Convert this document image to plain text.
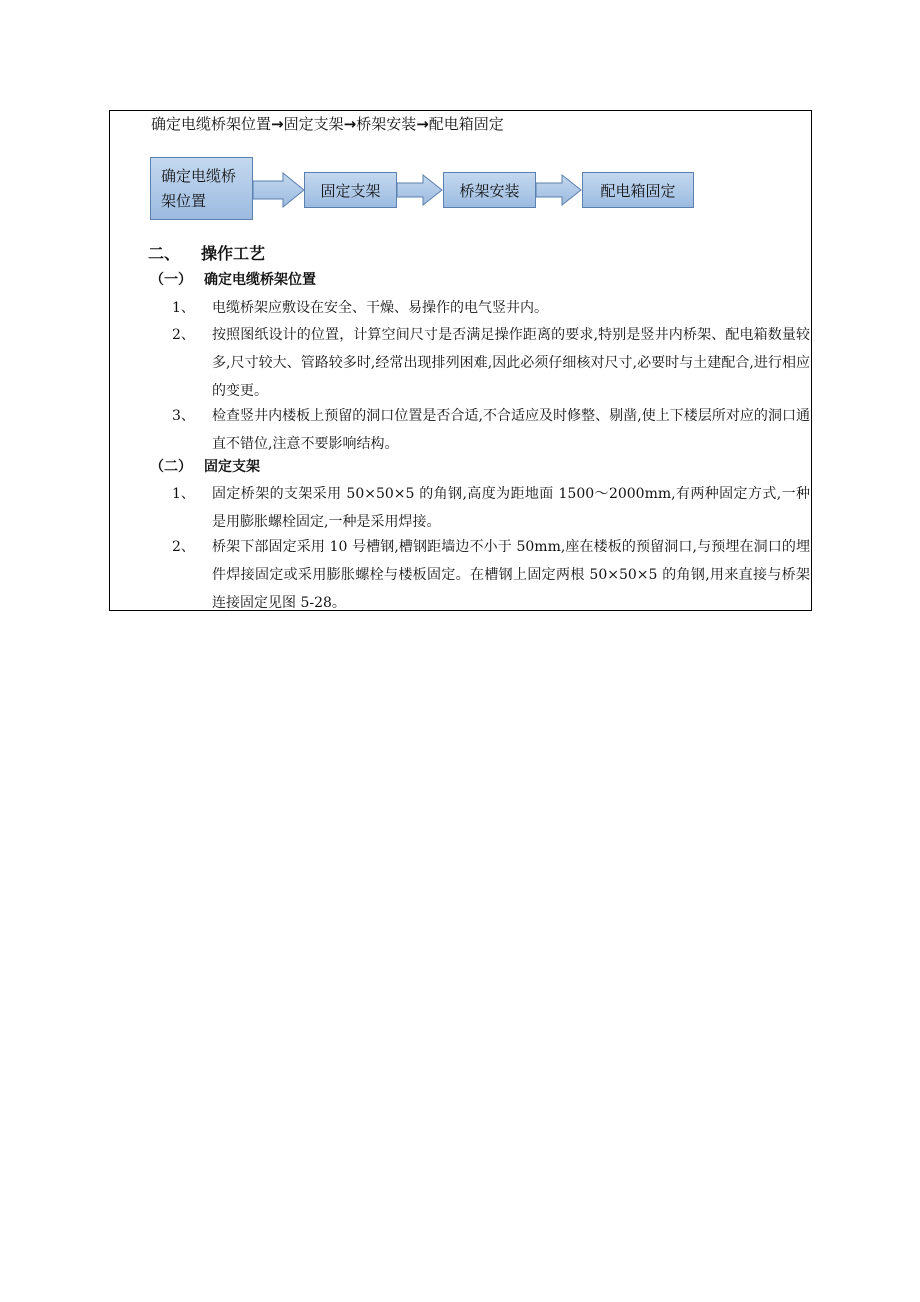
确定电缆桥架位置→固定支架→桥架安装→配电箱固定
确定电缆桥
架位置
固定支架	桥架安装	配电箱固定
二、 操作工艺
（一） 确定电缆桥架位置
1、 电缆桥架应敷设在安全、干燥、易操作的电气竖井内。
2、 按照图纸设计的位置，计算空间尺寸是否满足操作距离的要求,特别是竖井内桥架、配电箱数量较多,尺寸较大、管路较多时,经常出现排列困难,因此必须仔细核对尺寸,必要时与土建配合,进行相应的变更。
3、 检查竖井内楼板上预留的洞口位置是否合适,不合适应及时修整、剔凿,使上下楼层所对应的洞口通直不错位,注意不要影响结构。
（二） 固定支架
1、 固定桥架的支架采用 50×50×5 的角钢,高度为距地面 1500～2000mm,有两种固定方式,一种是用膨胀螺栓固定,一种是采用焊接。
2、 桥架下部固定采用 10 号槽钢,槽钢距墙边不小于 50mm,座在楼板的预留洞口,与预埋在洞口的埋件焊接固定或采用膨胀螺栓与楼板固定。在槽钢上固定两根 50×50×5 的角钢,用来直接与桥架连接固定见图 5-28。
